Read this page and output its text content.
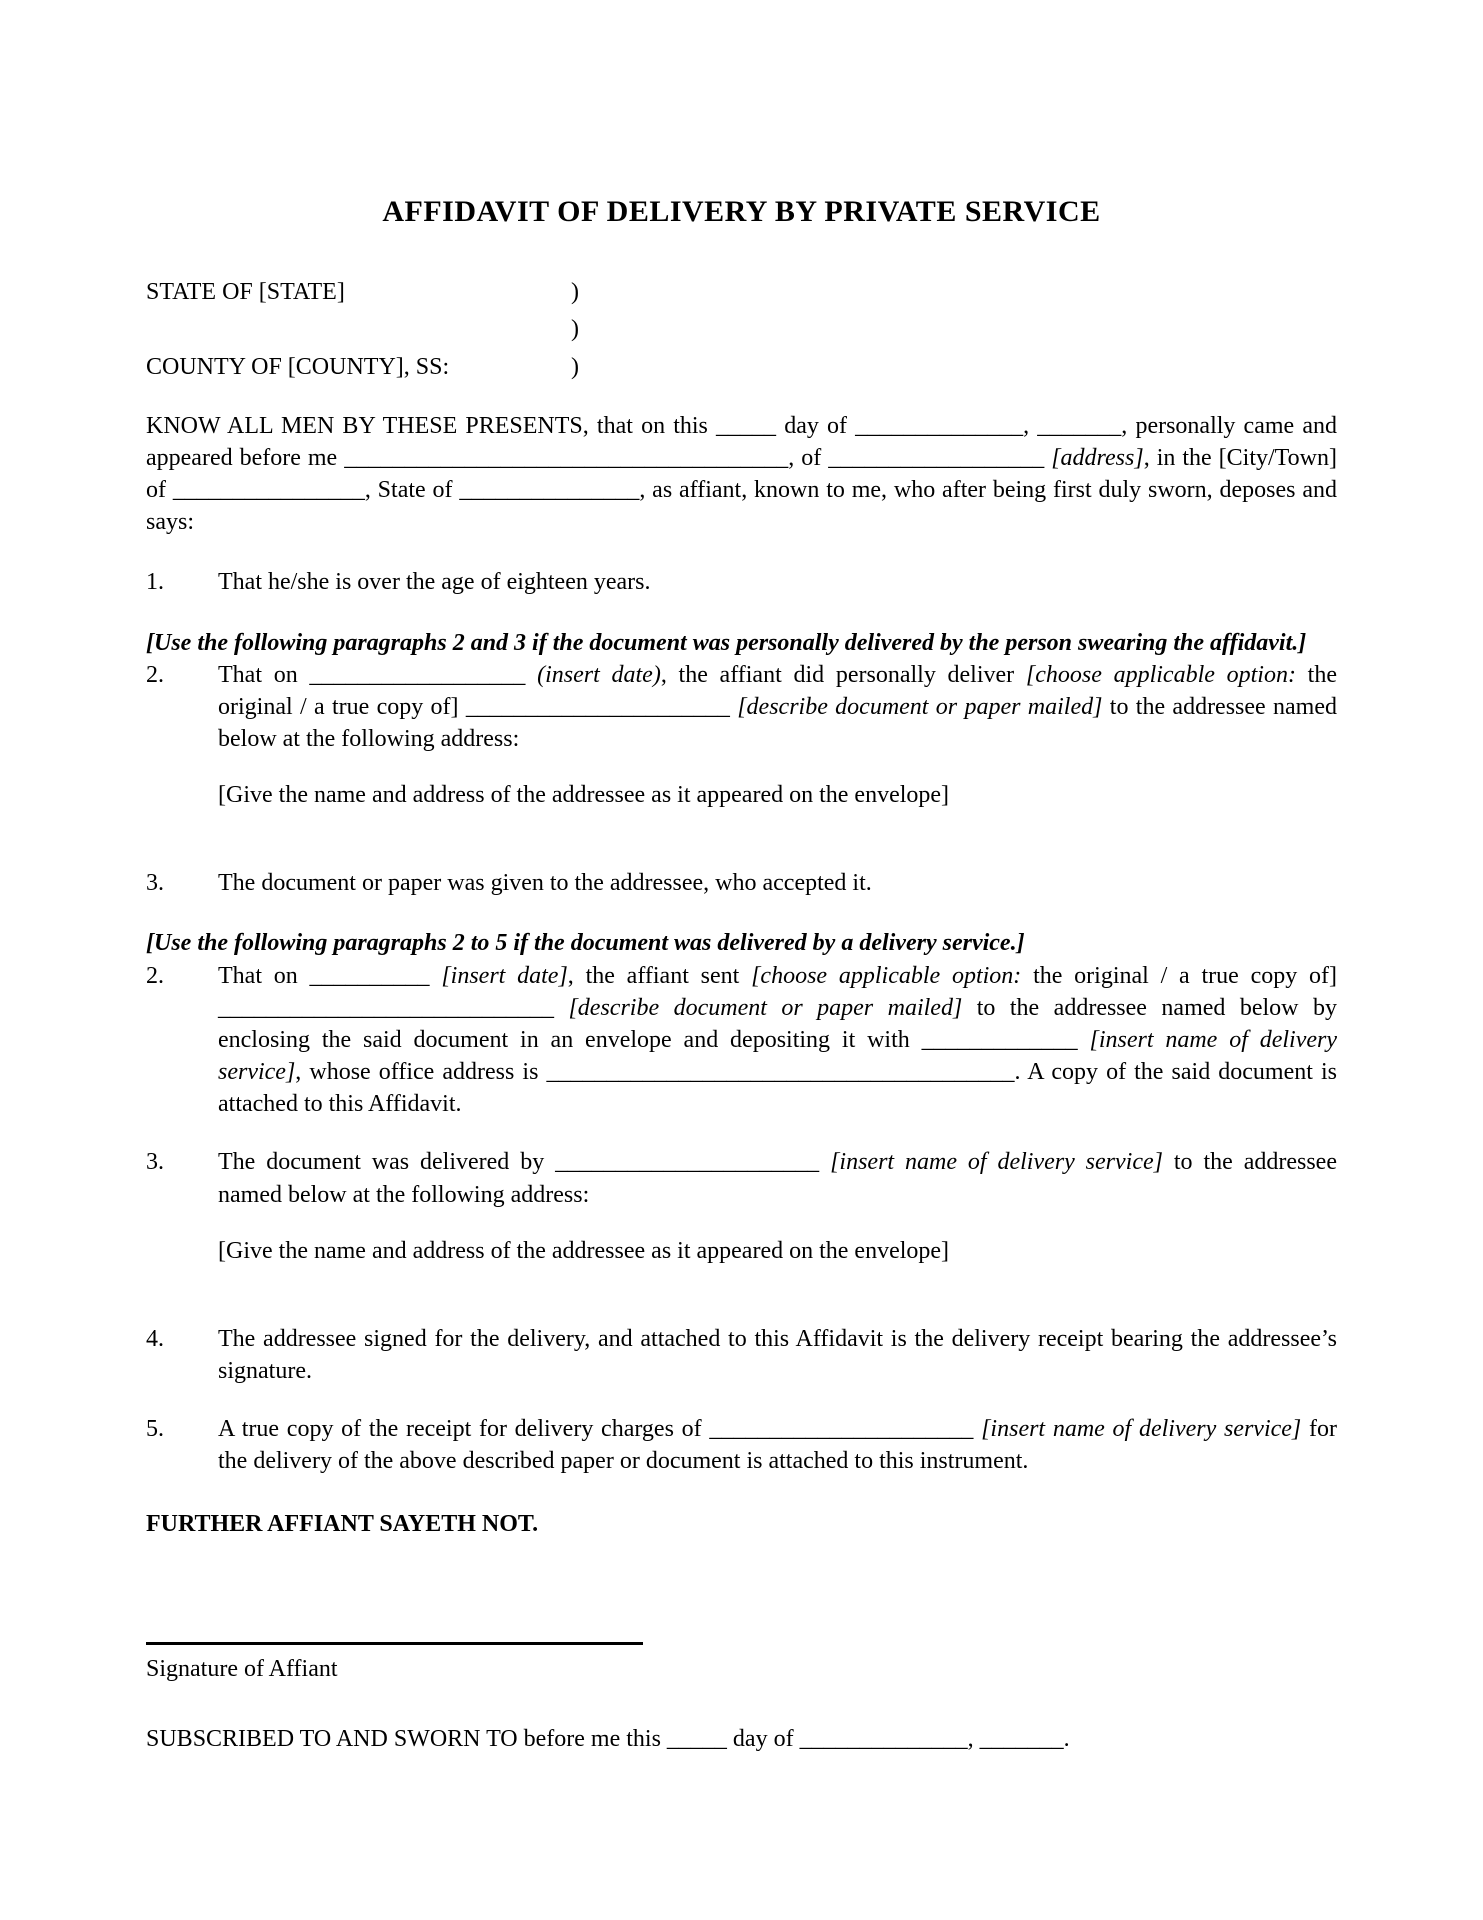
AFFIDAVIT OF DELIVERY BY PRIVATE SERVICE
STATE OF [STATE]	)
)
COUNTY OF [COUNTY], SS:	)

KNOW ALL MEN BY THESE PRESENTS, that on this _____ day of ______________, _______, personally came and appeared before me _____________________________________, of __________________ [address], in the [City/Town] of ________________, State of _______________, as affiant, known to me, who after being first duly sworn, deposes and says:

1.	That he/she is over the age of eighteen years.

[Use the following paragraphs 2 and 3 if the document was personally delivered by the person swearing the affidavit.]

2.	That on __________________ (insert date), the affiant did personally deliver [choose applicable option: the original / a true copy of] ______________________ [describe document or paper mailed] to the addressee named below at the following address:

[Give the name and address of the addressee as it appeared on the envelope]

3.	The document or paper was given to the addressee, who accepted it.

[Use the following paragraphs 2 to 5 if the document was delivered by a delivery service.]

2.	That on __________ [insert date], the affiant sent [choose applicable option: the original / a true copy of] ____________________________ [describe document or paper mailed] to the addressee named below by enclosing the said document in an envelope and depositing it with _____________ [insert name of delivery service], whose office address is _______________________________________. A copy of the said document is attached to this Affidavit.
3.	The document was delivered by ______________________ [insert name of delivery service] to the addressee named below at the following address:

[Give the name and address of the addressee as it appeared on the envelope]

4.	The addressee signed for the delivery, and attached to this Affidavit is the delivery receipt bearing the addressee’s signature.
5.	A true copy of the receipt for delivery charges of ______________________ [insert name of delivery service] for the delivery of the above described paper or document is attached to this instrument.

FURTHER AFFIANT SAYETH NOT.

Signature of Affiant

SUBSCRIBED TO AND SWORN TO before me this _____ day of ______________, _______.
